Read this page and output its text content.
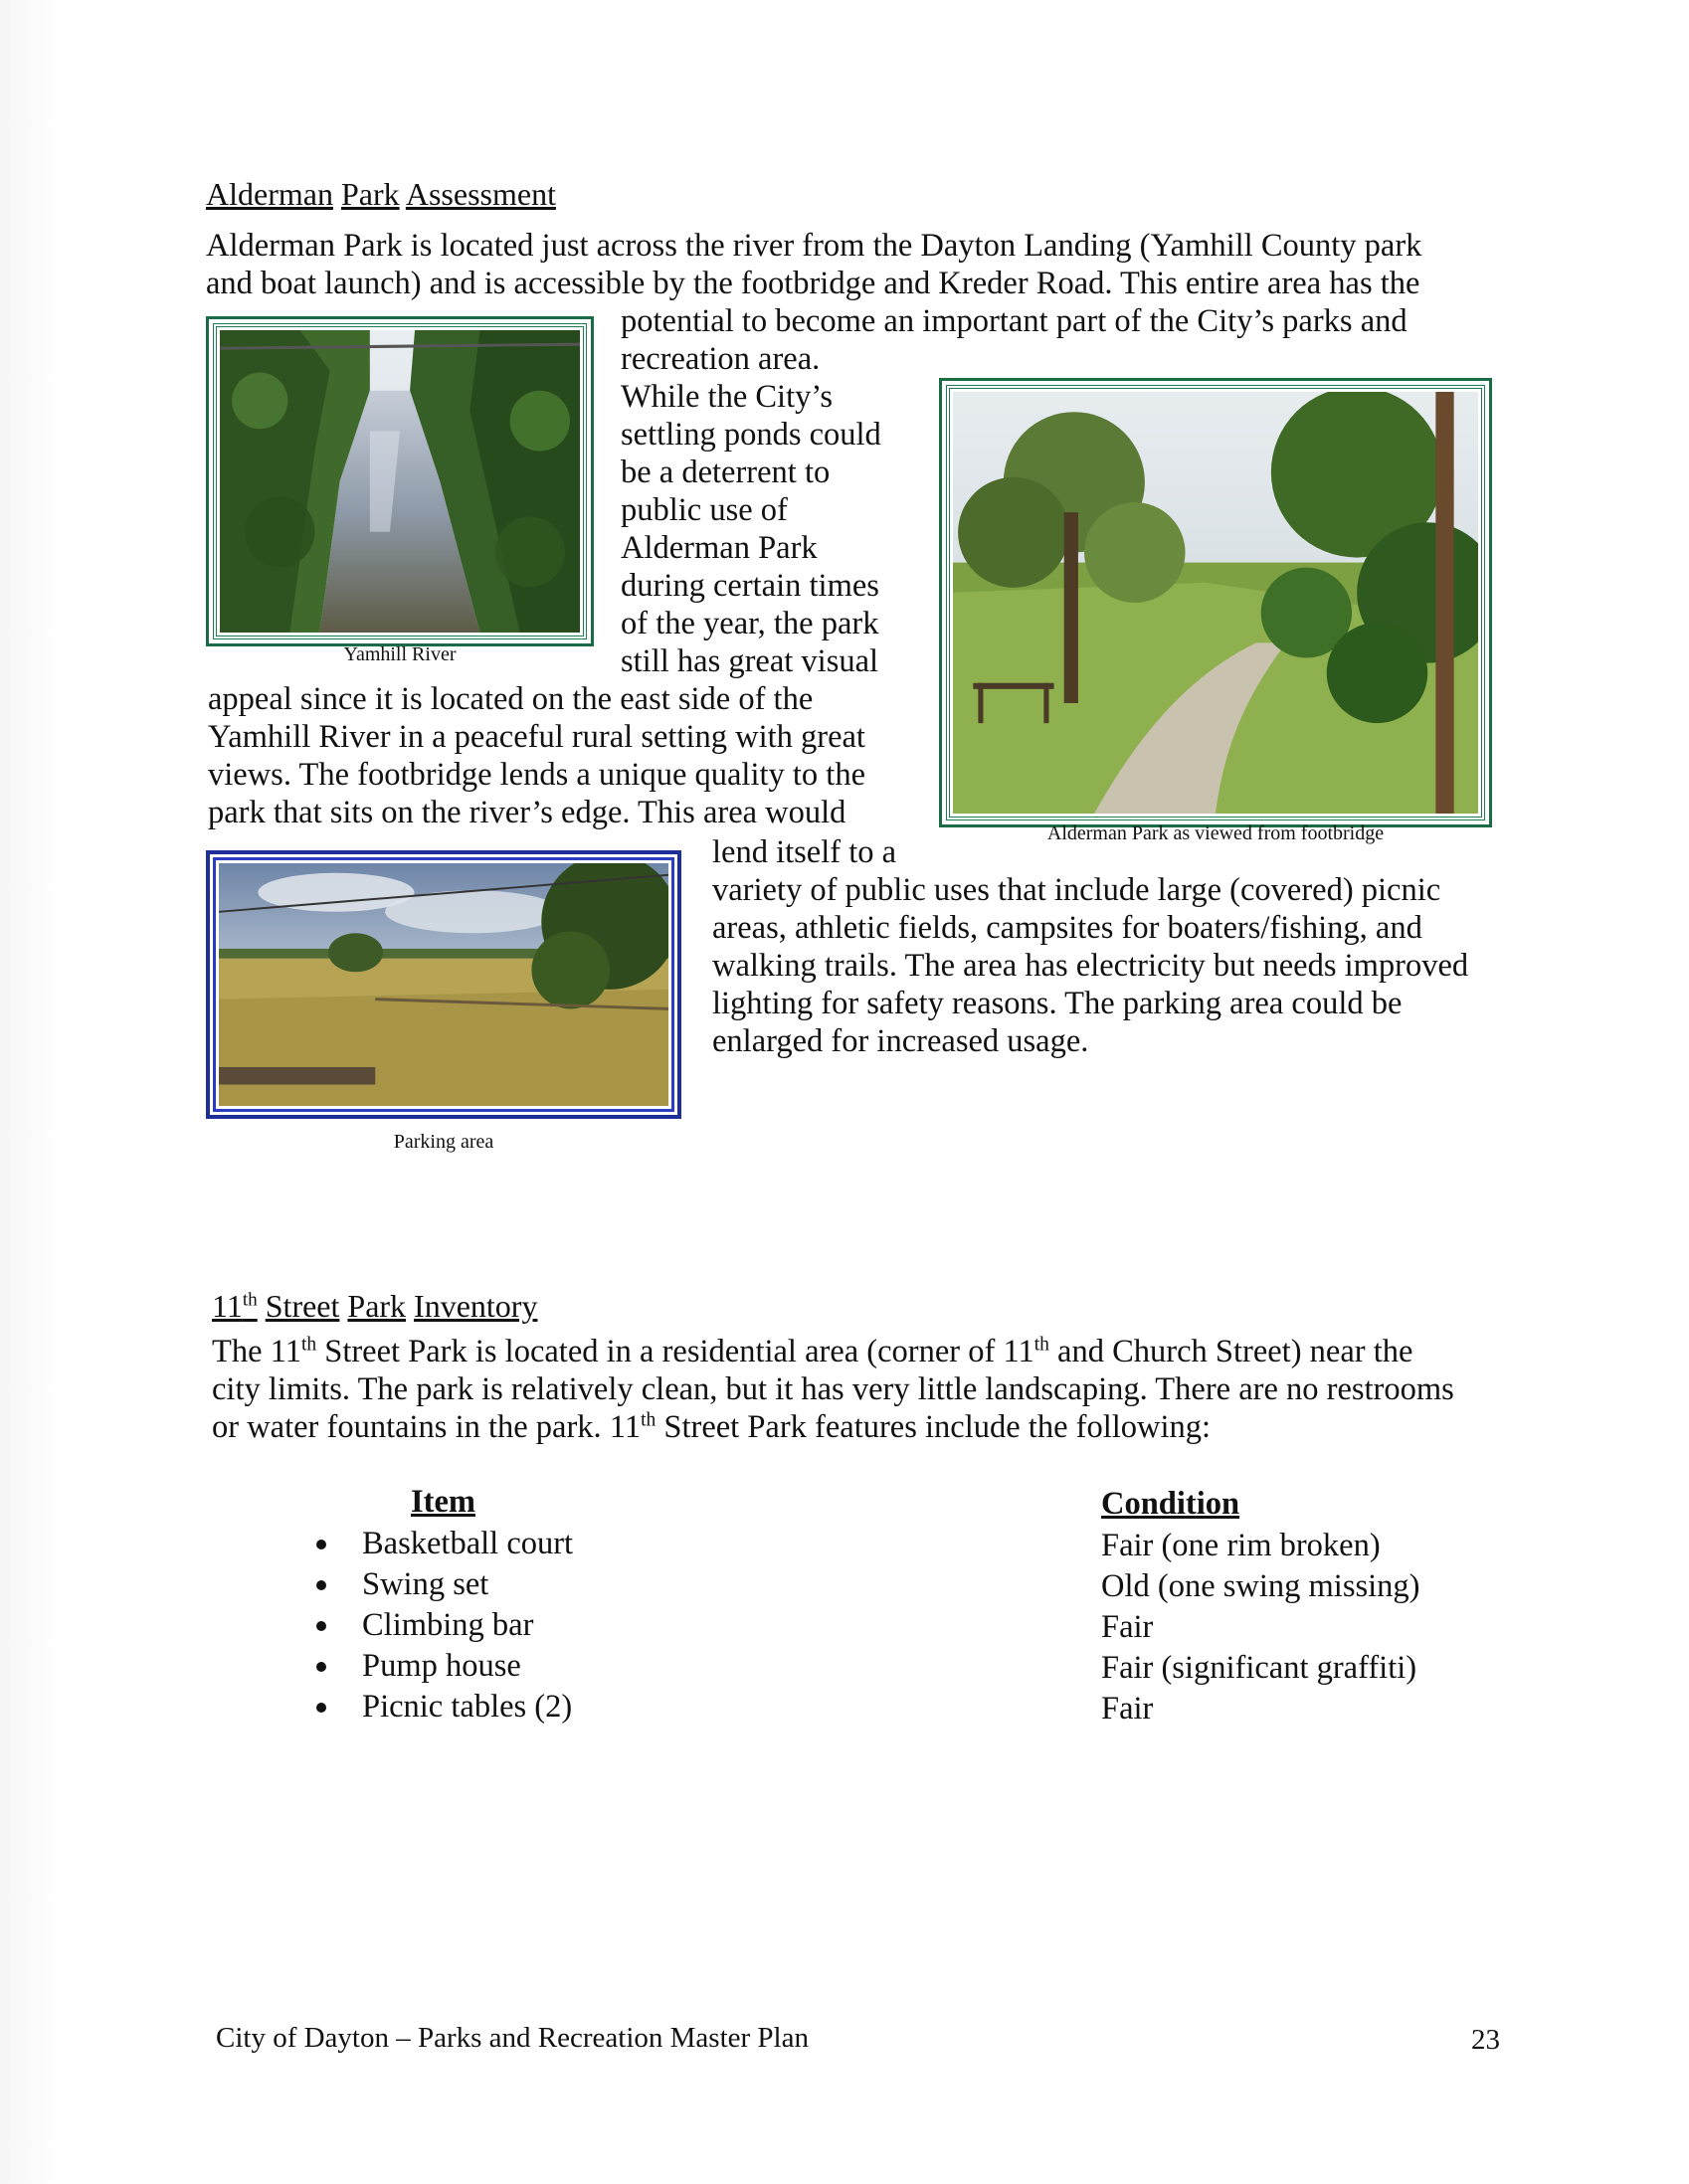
Alderman Park Assessment
Alderman Park is located just across the river from the Dayton Landing (Yamhill County park
and boat launch) and is accessible by the footbridge and Kreder Road. This entire area has the
potential to become an important part of the City’s parks and
recreation area.
While the City’s
settling ponds could
be a deterrent to
public use of
Alderman Park
during certain times
of the year, the park
still has great visual
appeal since it is located on the east side of the
Yamhill River in a peaceful rural setting with great
views. The footbridge lends a unique quality to the
park that sits on the river’s edge. This area would
lend itself to a
variety of public uses that include large (covered) picnic
areas, athletic fields, campsites for boaters/fishing, and
walking trails. The area has electricity but needs improved
lighting for safety reasons. The parking area could be
enlarged for increased usage.
Yamhill River
Alderman Park as viewed from footbridge
Parking area
11th Street Park Inventory
The 11th Street Park is located in a residential area (corner of 11th and Church Street) near the
city limits. The park is relatively clean, but it has very little landscaping. There are no restrooms
or water fountains in the park. 11th Street Park features include the following:
Item	Condition
Basketball court	Fair (one rim broken)
Swing set	Old (one swing missing)
Climbing bar	Fair
Pump house	Fair (significant graffiti)
Picnic tables (2)	Fair
City of Dayton – Parks and Recreation Master Plan	23
